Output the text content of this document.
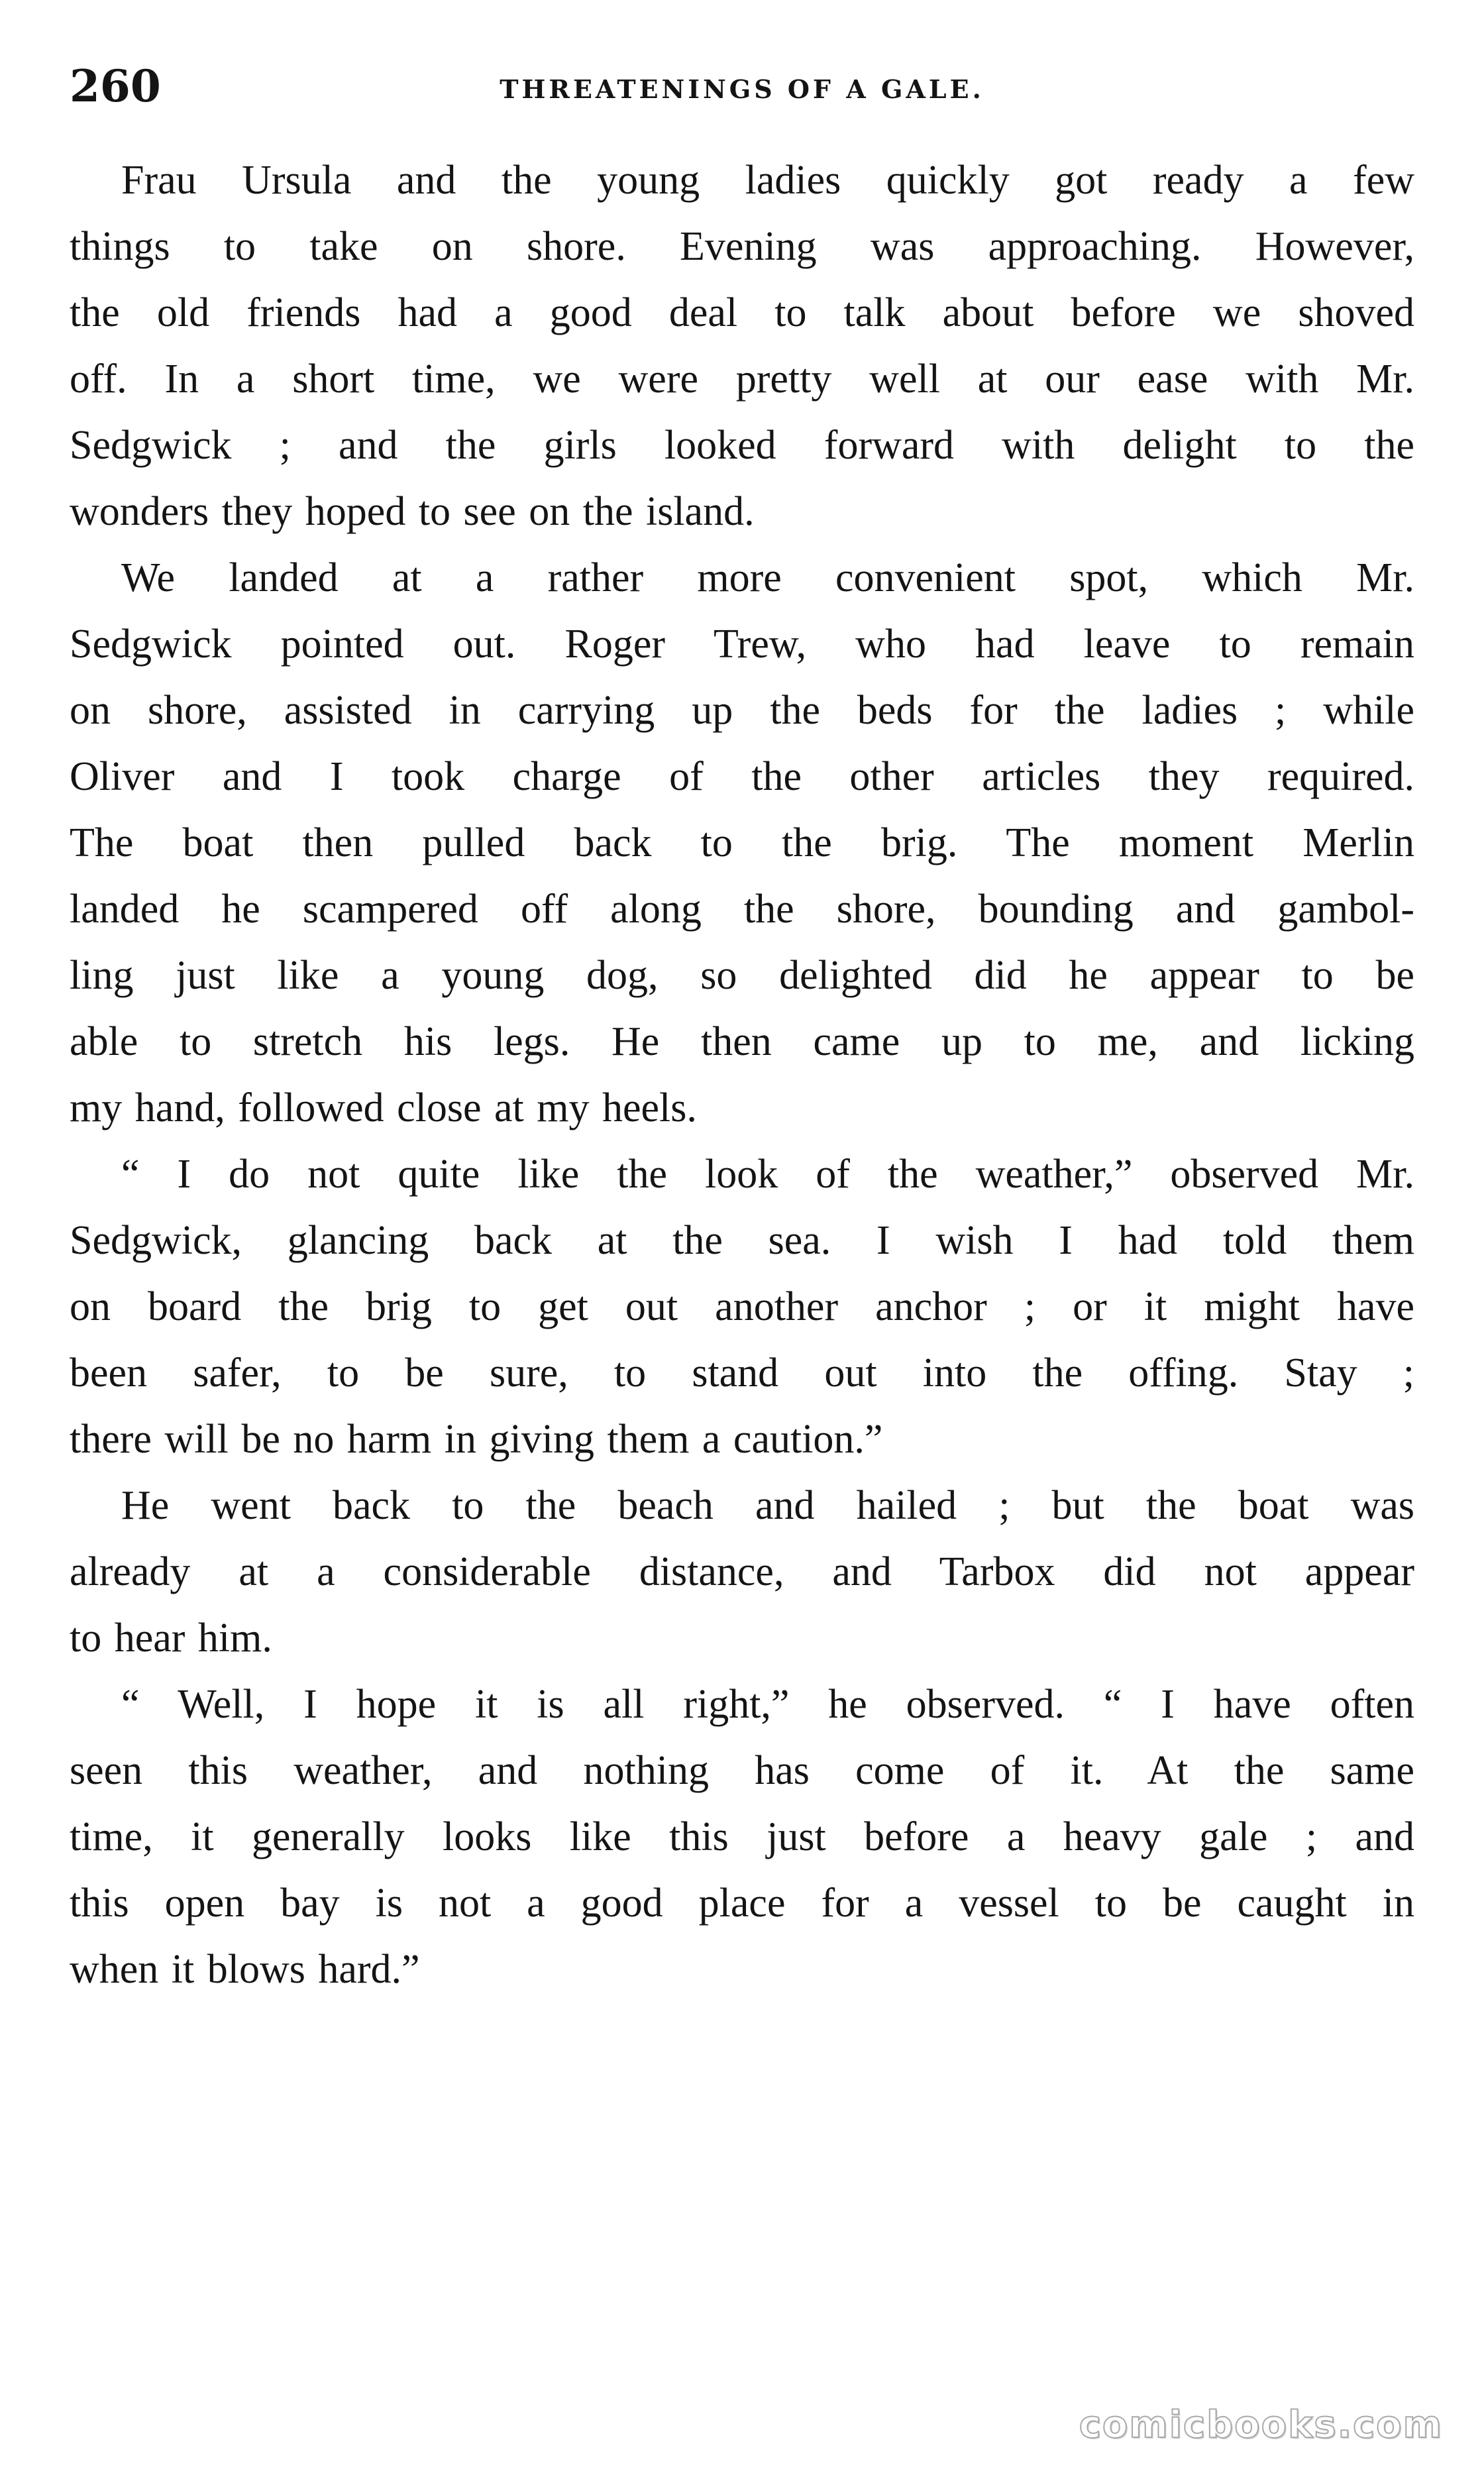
260	THREATENINGS OF A GALE.
Frau Ursula and the young ladies quickly got ready a few
things to take on shore. Evening was approaching. However,
the old friends had a good deal to talk about before we shoved
off. In a short time, we were pretty well at our ease with Mr.
Sedgwick ; and the girls looked forward with delight to the
wonders they hoped to see on the island.
We landed at a rather more convenient spot, which Mr.
Sedgwick pointed out. Roger Trew, who had leave to remain
on shore, assisted in carrying up the beds for the ladies ; while
Oliver and I took charge of the other articles they required.
The boat then pulled back to the brig. The moment Merlin
landed he scampered off along the shore, bounding and gambol-
ling just like a young dog, so delighted did he appear to be
able to stretch his legs. He then came up to me, and licking
my hand, followed close at my heels.
“ I do not quite like the look of the weather,” observed Mr.
Sedgwick, glancing back at the sea. I wish I had told them
on board the brig to get out another anchor ; or it might have
been safer, to be sure, to stand out into the offing. Stay ;
there will be no harm in giving them a caution.”
He went back to the beach and hailed ; but the boat was
already at a considerable distance, and Tarbox did not appear
to hear him.
“ Well, I hope it is all right,” he observed. “ I have often
seen this weather, and nothing has come of it. At the same
time, it generally looks like this just before a heavy gale ; and
this open bay is not a good place for a vessel to be caught in
when it blows hard.”
comicbooks.com
